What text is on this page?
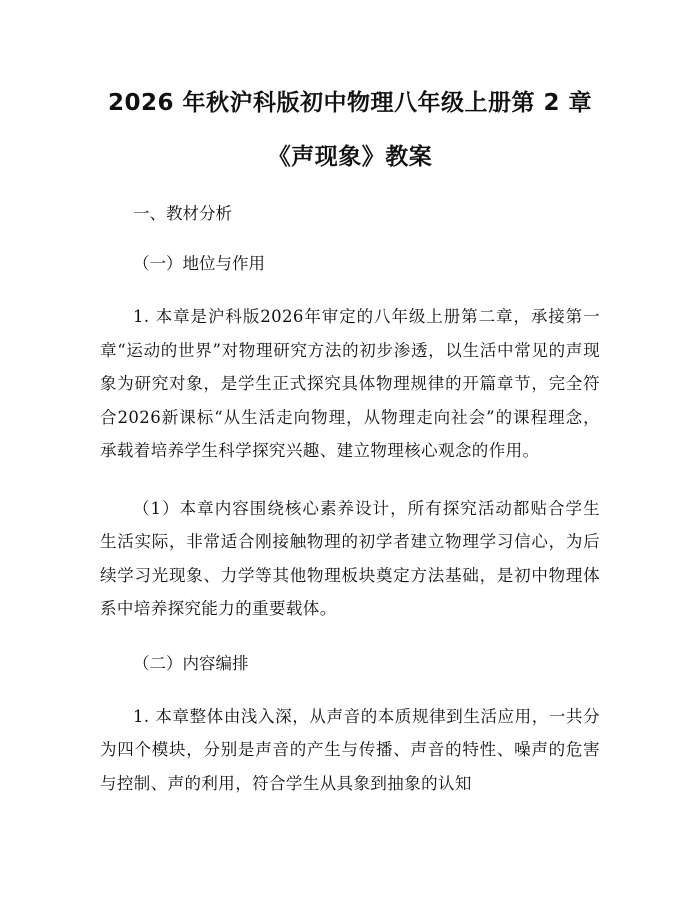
2026 年秋沪科版初中物理八年级上册第 2 章
《声现象》教案

一、教材分析

（一）地位与作用

1. 本章是沪科版2026年审定的八年级上册第二章，承接第一章“运动的世界”对物理研究方法的初步渗透，以生活中常见的声现象为研究对象，是学生正式探究具体物理规律的开篇章节，完全符合2026新课标“从生活走向物理，从物理走向社会”的课程理念，承载着培养学生科学探究兴趣、建立物理核心观念的作用。

（1）本章内容围绕核心素养设计，所有探究活动都贴合学生生活实际，非常适合刚接触物理的初学者建立物理学习信心，为后续学习光现象、力学等其他物理板块奠定方法基础，是初中物理体系中培养探究能力的重要载体。

（二）内容编排

1. 本章整体由浅入深，从声音的本质规律到生活应用，一共分为四个模块，分别是声音的产生与传播、声音的特性、噪声的危害与控制、声的利用，符合学生从具象到抽象的认知
